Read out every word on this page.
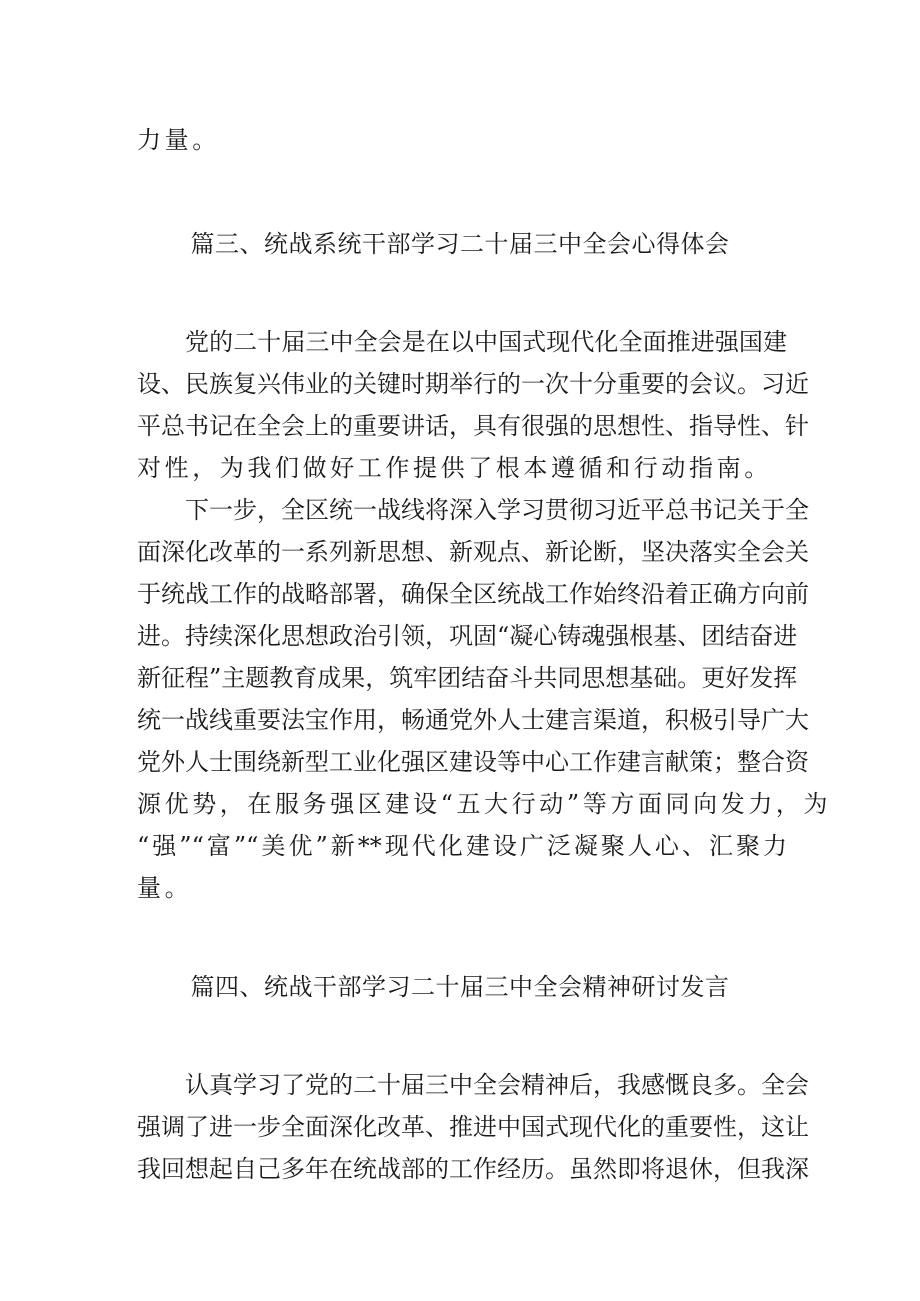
力量。
篇三、统战系统干部学习二十届三中全会心得体会
党的二十届三中全会是在以中国式现代化全面推进强国建
设、民族复兴伟业的关键时期举行的一次十分重要的会议。习近
平总书记在全会上的重要讲话，具有很强的思想性、指导性、针
对性，为我们做好工作提供了根本遵循和行动指南。
下一步，全区统一战线将深入学习贯彻习近平总书记关于全
面深化改革的一系列新思想、新观点、新论断，坚决落实全会关
于统战工作的战略部署，确保全区统战工作始终沿着正确方向前
进。持续深化思想政治引领，巩固“凝心铸魂强根基、团结奋进
新征程”主题教育成果，筑牢团结奋斗共同思想基础。更好发挥
统一战线重要法宝作用，畅通党外人士建言渠道，积极引导广大
党外人士围绕新型工业化强区建设等中心工作建言献策；整合资
源优势，在服务强区建设“五大行动”等方面同向发力，为
“强”“富”“美优”新**现代化建设广泛凝聚人心、汇聚力
量。
篇四、统战干部学习二十届三中全会精神研讨发言
认真学习了党的二十届三中全会精神后，我感慨良多。全会
强调了进一步全面深化改革、推进中国式现代化的重要性，这让
我回想起自己多年在统战部的工作经历。虽然即将退休，但我深
